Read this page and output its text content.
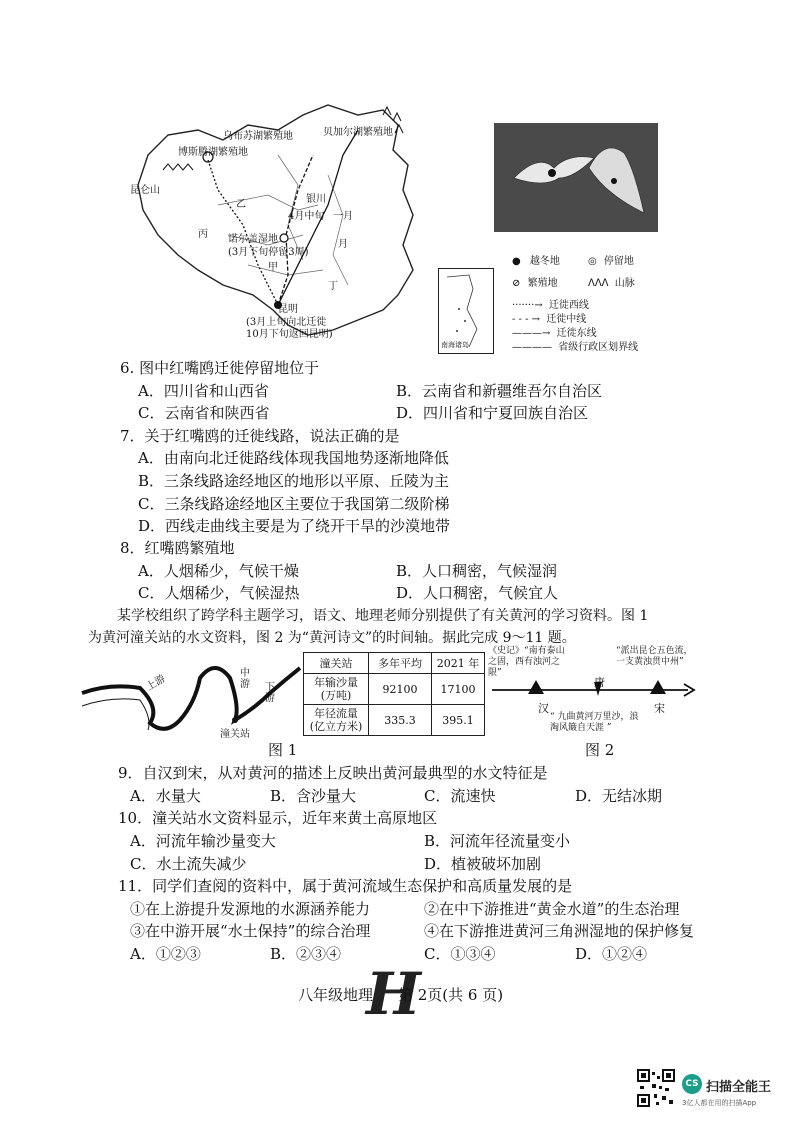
乌布苏湖繁殖地	贝加尔湖繁殖地
博斯腾湖繁殖地
昆仑山
丙
甲
乙
丁
银川
4月中旬 一月
月
诺尔盖湿地
(3月下旬停留3周)
昆明
(3月上旬向北迁徙
10月下旬返回昆明)
南海诸岛
● 越冬地	◎ 停留地
⊘ 繁殖地	ᐱᐱᐱ 山脉
·······→ 迁徙西线
- - - → 迁徙中线
———→ 迁徙东线
———— 省级行政区划界线
6. 图中红嘴鸥迁徙停留地位于
A．四川省和山西省	B．云南省和新疆维吾尔自治区
C．云南省和陕西省	D．四川省和宁夏回族自治区
7．关于红嘴鸥的迁徙线路，说法正确的是
A．由南向北迁徙路线体现我国地势逐渐地降低
B．三条线路途经地区的地形以平原、丘陵为主
C．三条线路途经地区主要位于我国第二级阶梯
D．西线走曲线主要是为了绕开干旱的沙漠地带
8．红嘴鸥繁殖地
A．人烟稀少，气候干燥	B．人口稠密，气候湿润
C．人烟稀少，气候湿热	D．人口稠密，气候宜人
某学校组织了跨学科主题学习，语文、地理老师分别提供了有关黄河的学习资料。图 1
为黄河潼关站的水文资料，图 2 为“黄河诗文”的时间轴。据此完成 9～11 题。
上游	中游 下游
潼关站
潼关站	多年平均	2021 年
年输沙量(万吨)	92100	17100
年径流量(亿立方米)	335.3	395.1
图 1
《史记》“南有泰山之固，西有浊河之限”
“派出昆仑五色流，一支黄浊贯中州”
汉
唐
宋
“ 九曲黄河万里沙，浪淘风簸自天涯 ”
图 2
9．自汉到宋，从对黄河的描述上反映出黄河最典型的水文特征是
A．水量大	B．含沙量大	C．流速快	D．无结冰期
10．潼关站水文资料显示，近年来黄土高原地区
A．河流年输沙量变大	B．河流年径流量变小
C．水土流失减少	D．植被破坏加剧
11．同学们查阅的资料中，属于黄河流域生态保护和高质量发展的是
①在上游提升发源地的水源涵养能力	②在中下游推进“黄金水道”的生态治理
③在中游开展“水土保持”的综合治理	④在下游推进黄河三角洲湿地的保护修复
A．①②③	B．②③④	C．①③④	D．①②④
八年级地理
H
第 2页(共 6 页)
CS 扫描全能王
3亿人都在用的扫描App
